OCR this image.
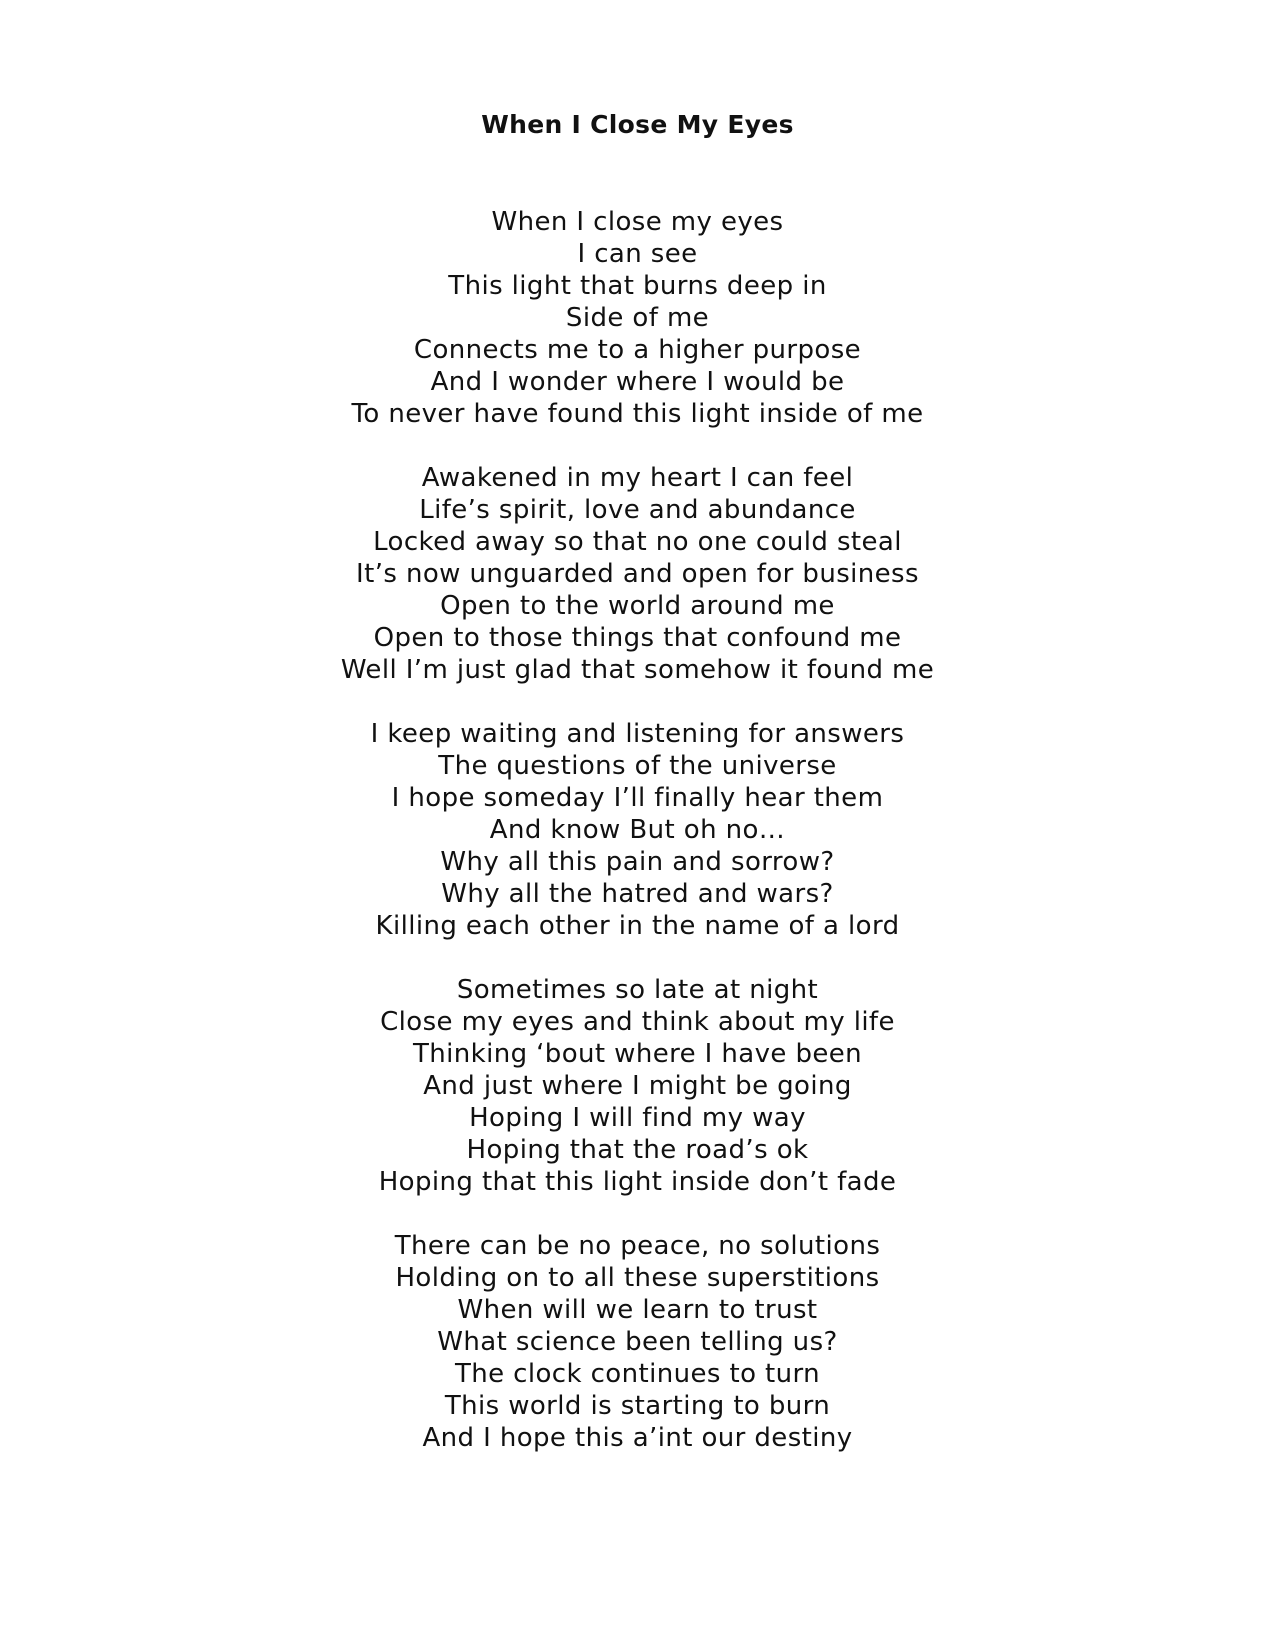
When I Close My Eyes
When I close my eyes
I can see
This light that burns deep in
Side of me
Connects me to a higher purpose
And I wonder where I would be
To never have found this light inside of me
Awakened in my heart I can feel
Life’s spirit, love and abundance
Locked away so that no one could steal
It’s now unguarded and open for business
Open to the world around me
Open to those things that confound me
Well I’m just glad that somehow it found me
I keep waiting and listening for answers
The questions of the universe
I hope someday I’ll finally hear them
And know But oh no…
Why all this pain and sorrow?
Why all the hatred and wars?
Killing each other in the name of a lord
Sometimes so late at night
Close my eyes and think about my life
Thinking ‘bout where I have been
And just where I might be going
Hoping I will find my way
Hoping that the road’s ok
Hoping that this light inside don’t fade
There can be no peace, no solutions
Holding on to all these superstitions
When will we learn to trust
What science been telling us?
The clock continues to turn
This world is starting to burn
And I hope this a’int our destiny
